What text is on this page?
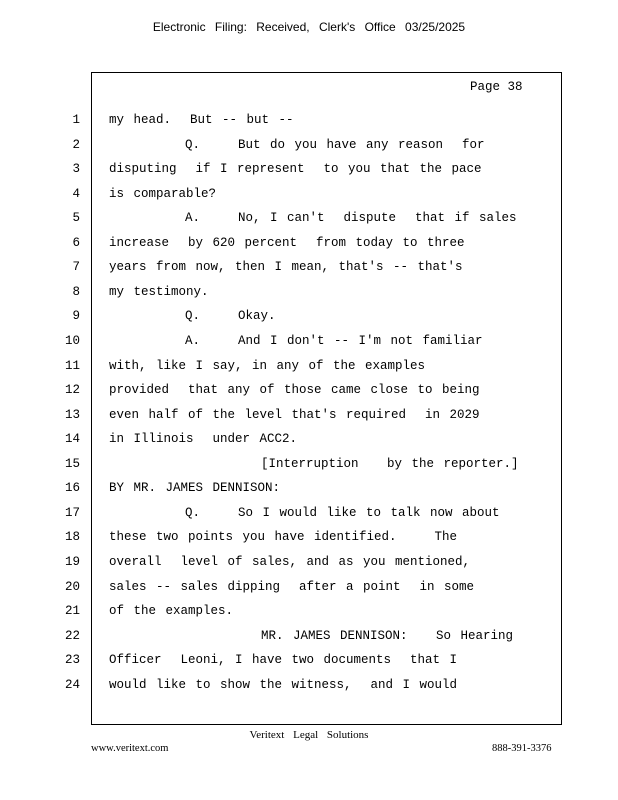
Electronic Filing: Received, Clerk's Office 03/25/2025
Page 38
1 my head.  But -- but --
2 Q.    But do you have any reason  for
3 disputing  if I represent  to you that the pace
4 is comparable?
5 A.    No, I can't  dispute  that if sales
6 increase  by 620 percent  from today to three
7 years from now, then I mean, that's -- that's
8 my testimony.
9 Q.    Okay.
10 A.    And I don't -- I'm not familiar
11 with, like I say, in any of the examples
12 provided  that any of those came close to being
13 even half of the level that's required  in 2029
14 in Illinois  under ACC2.
15 [Interruption   by the reporter.]
16 BY MR. JAMES DENNISON:
17 Q.    So I would like to talk now about
18 these two points you have identified.    The
19 overall  level of sales, and as you mentioned,
20 sales -- sales dipping  after a point  in some
21 of the examples.
22 MR. JAMES DENNISON:   So Hearing
23 Officer  Leoni, I have two documents  that I
24 would like to show the witness,  and I would
Veritext Legal Solutions
www.veritext.com	888-391-3376
